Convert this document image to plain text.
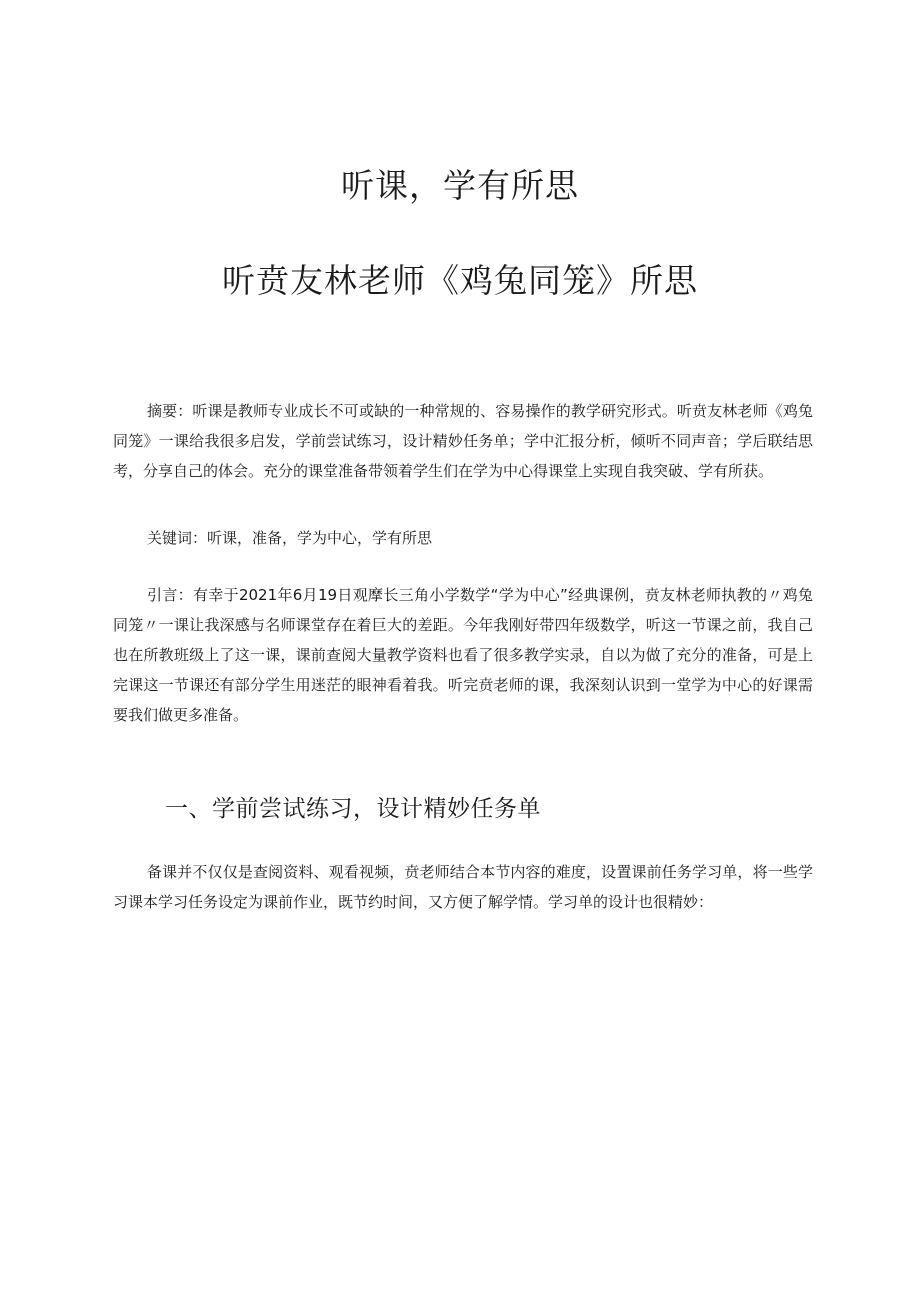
听课，学有所思
听贲友林老师《鸡兔同笼》所思

摘要：听课是教师专业成长不可或缺的一种常规的、容易操作的教学研究形式。听贲友林老师《鸡兔同笼》一课给我很多启发，学前尝试练习，设计精妙任务单；学中汇报分析，倾听不同声音；学后联结思考，分享自己的体会。充分的课堂准备带领着学生们在学为中心得课堂上实现自我突破、学有所获。

关键词：听课，准备，学为中心，学有所思

引言：有幸于2021年6月19日观摩长三角小学数学“学为中心”经典课例，贲友林老师执教的〃鸡兔同笼〃一课让我深感与名师课堂存在着巨大的差距。今年我刚好带四年级数学，听这一节课之前，我自己也在所教班级上了这一课，课前查阅大量教学资料也看了很多教学实录，自以为做了充分的准备，可是上完课这一节课还有部分学生用迷茫的眼神看着我。听完贲老师的课，我深刻认识到一堂学为中心的好课需要我们做更多准备。

一、学前尝试练习，设计精妙任务单

备课并不仅仅是查阅资料、观看视频，贲老师结合本节内容的难度，设置课前任务学习单，将一些学习课本学习任务设定为课前作业，既节约时间，又方便了解学情。学习单的设计也很精妙：
